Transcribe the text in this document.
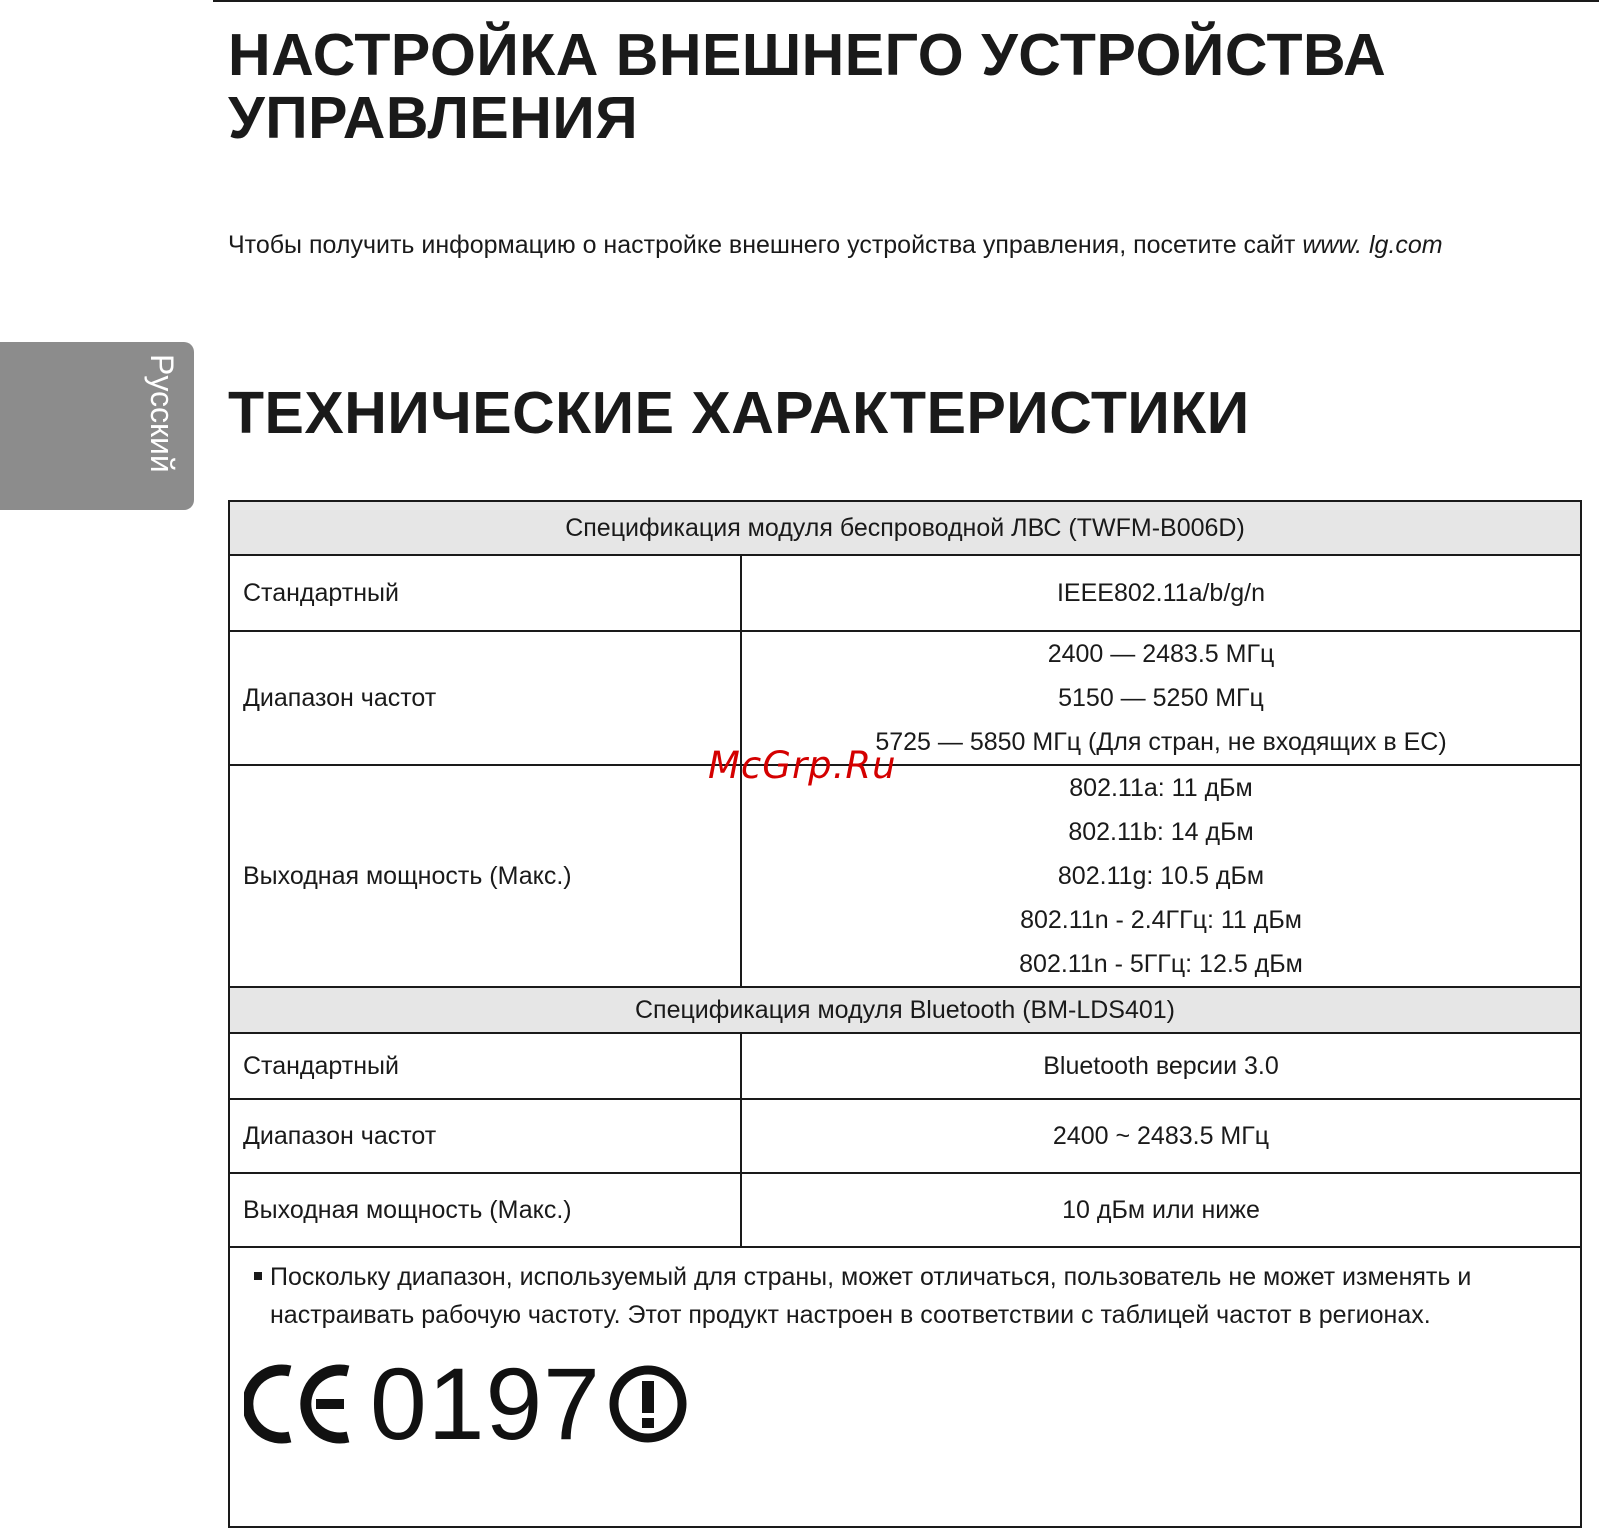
Русский
НАСТРОЙКА ВНЕШНЕГО УСТРОЙСТВА УПРАВЛЕНИЯ

Чтобы получить информацию о настройке внешнего устройства управления, посетите сайт www. lg.com

ТЕХНИЧЕСКИЕ ХАРАКТЕРИСТИКИ
Спецификация модуля беспроводной ЛВС (TWFM-B006D)	
Стандартный	IEEE802.11a/b/g/n
Диапазон частот	2400 — 2483.5 МГц
5150 — 5250 МГц
5725 — 5850 МГц (Для стран, не входящих в ЕС)

Выходная мощность (Макс.)	802.11a: 11 дБм
802.11b: 14 дБм
802.11g: 10.5 дБм
802.11n - 2.4ГГц: 11 дБм
802.11n - 5ГГц: 12.5 дБм

Спецификация модуля Bluetooth (BM-LDS401)	
Стандартный	Bluetooth версии 3.0
Диапазон частот	2400 ~ 2483.5 МГц
Выходная мощность (Макс.)	10 дБм или ниже

Поскольку диапазон, используемый для страны, может отличаться, пользователь не может изменять и настраивать рабочую частоту. Этот продукт настроен в соответствии с таблицей частот в регионах.
0197	
McGrp.Ru
